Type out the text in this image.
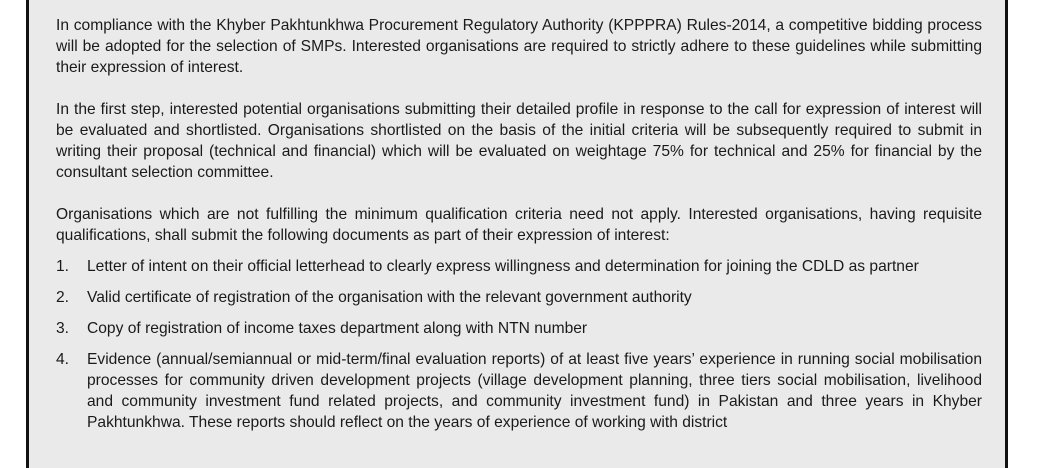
In compliance with the Khyber Pakhtunkhwa Procurement Regulatory Authority (KPPPRA) Rules-2014, a competitive bidding process will be adopted for the selection of SMPs. Interested organisations are required to strictly adhere to these guidelines while submitting their expression of interest.

In the first step, interested potential organisations submitting their detailed profile in response to the call for expression of interest will be evaluated and shortlisted. Organisations shortlisted on the basis of the initial criteria will be subsequently required to submit in writing their proposal (technical and financial) which will be evaluated on weightage 75% for technical and 25% for financial by the consultant selection committee.

Organisations which are not fulfilling the minimum qualification criteria need not apply. Interested organisations, having requisite qualifications, shall submit the following documents as part of their expression of interest:

1. Letter of intent on their official letterhead to clearly express willingness and determination for joining the CDLD as partner
2. Valid certificate of registration of the organisation with the relevant government authority
3. Copy of registration of income taxes department along with NTN number
4. Evidence (annual/semiannual or mid-term/final evaluation reports) of at least five years’ experience in running social mobilisation processes for community driven development projects (village development planning, three tiers social mobilisation, livelihood and community investment fund related projects, and community investment fund) in Pakistan and three years in Khyber Pakhtunkhwa. These reports should reflect on the years of experience of working with district
